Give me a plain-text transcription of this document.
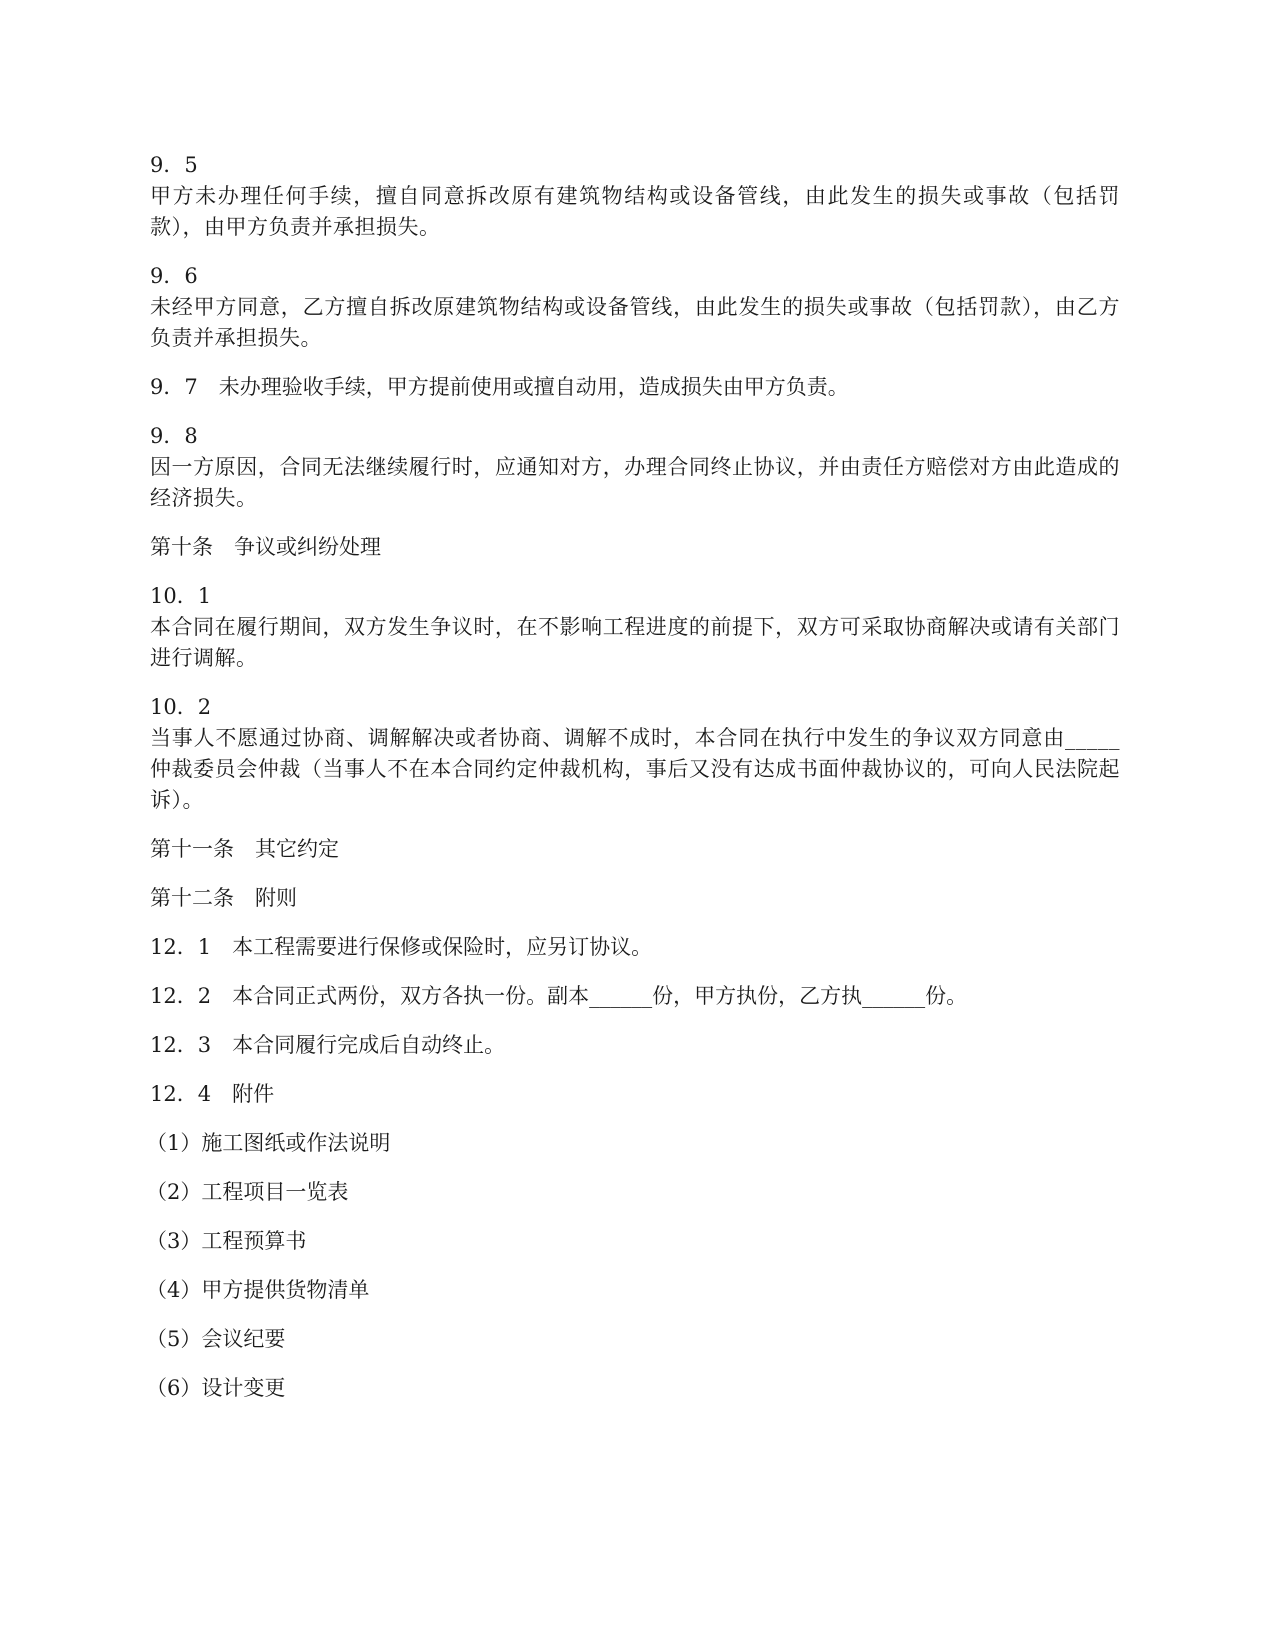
9．5
甲方未办理任何手续，擅自同意拆改原有建筑物结构或设备管线，由此发生的损失或事故（包括罚款），由甲方负责并承担损失。
9．6
未经甲方同意，乙方擅自拆改原建筑物结构或设备管线，由此发生的损失或事故（包括罚款），由乙方负责并承担损失。
9．7　未办理验收手续，甲方提前使用或擅自动用，造成损失由甲方负责。
9．8
因一方原因，合同无法继续履行时，应通知对方，办理合同终止协议，并由责任方赔偿对方由此造成的经济损失。
第十条　争议或纠纷处理
10．1
本合同在履行期间，双方发生争议时，在不影响工程进度的前提下，双方可采取协商解决或请有关部门进行调解。
10．2
当事人不愿通过协商、调解解决或者协商、调解不成时，本合同在执行中发生的争议双方同意由_____仲裁委员会仲裁（当事人不在本合同约定仲裁机构，事后又没有达成书面仲裁协议的，可向人民法院起诉）。
第十一条　其它约定
第十二条　附则
12．1　本工程需要进行保修或保险时，应另订协议。
12．2　本合同正式两份，双方各执一份。副本______份，甲方执份，乙方执______份。
12．3　本合同履行完成后自动终止。
12．4　附件
（1）施工图纸或作法说明
（2）工程项目一览表
（3）工程预算书
（4）甲方提供货物清单
（5）会议纪要
（6）设计变更
